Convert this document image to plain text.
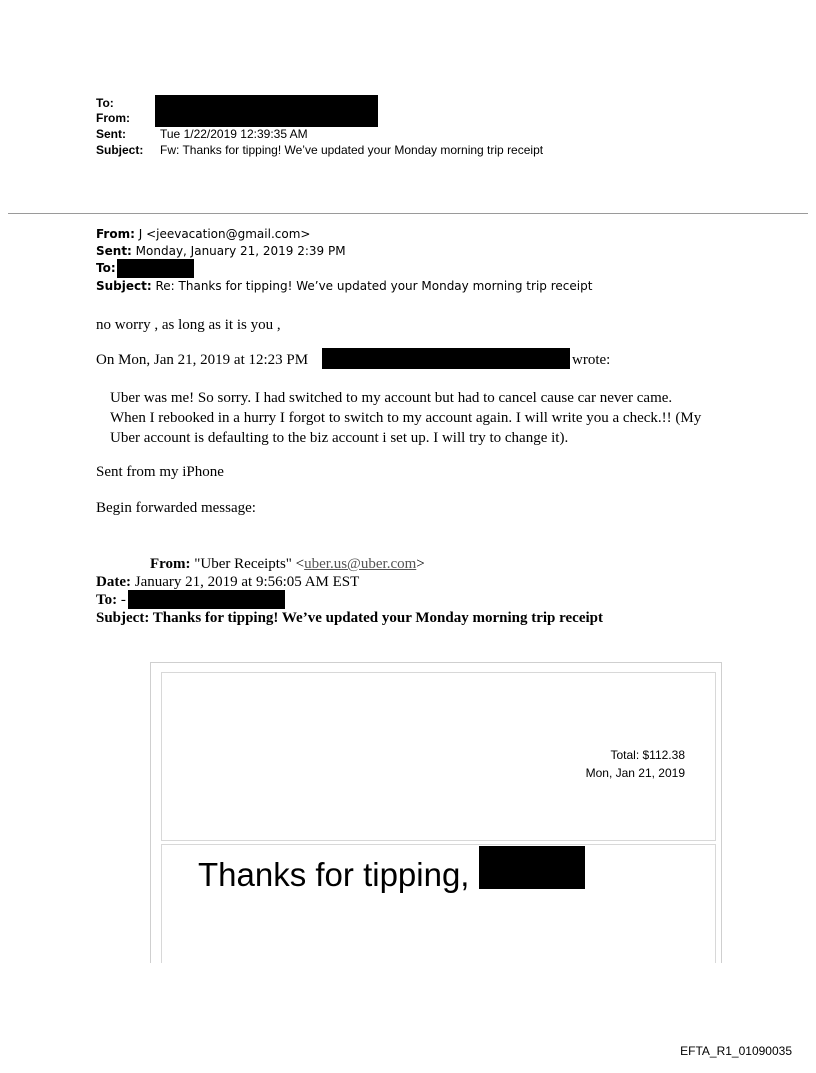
To:
From:
Sent:	Tue 1/22/2019 12:39:35 AM
Subject: Fw: Thanks for tipping! We’ve updated your Monday morning trip receipt
From: J <jeevacation@gmail.com>
Sent: Monday, January 21, 2019 2:39 PM
To:
Subject: Re: Thanks for tipping! We’ve updated your Monday morning trip receipt
no worry , as long as it is you ,
On Mon, Jan 21, 2019 at 12:23 PM	wrote:
Uber was me! So sorry. I had switched to my account but had to cancel cause car never came. When I rebooked in a hurry I forgot to switch to my account again. I will write you a check.!! (My Uber account is defaulting to the biz account i set up. I will try to change it).
Sent from my iPhone
Begin forwarded message:
From: "Uber Receipts" <uber.us@uber.com>
Date: January 21, 2019 at 9:56:05 AM EST
To: -
Subject: Thanks for tipping! We’ve updated your Monday morning trip receipt
Total: $112.38
Mon, Jan 21, 2019
Thanks for tipping,
EFTA_R1_01090035
